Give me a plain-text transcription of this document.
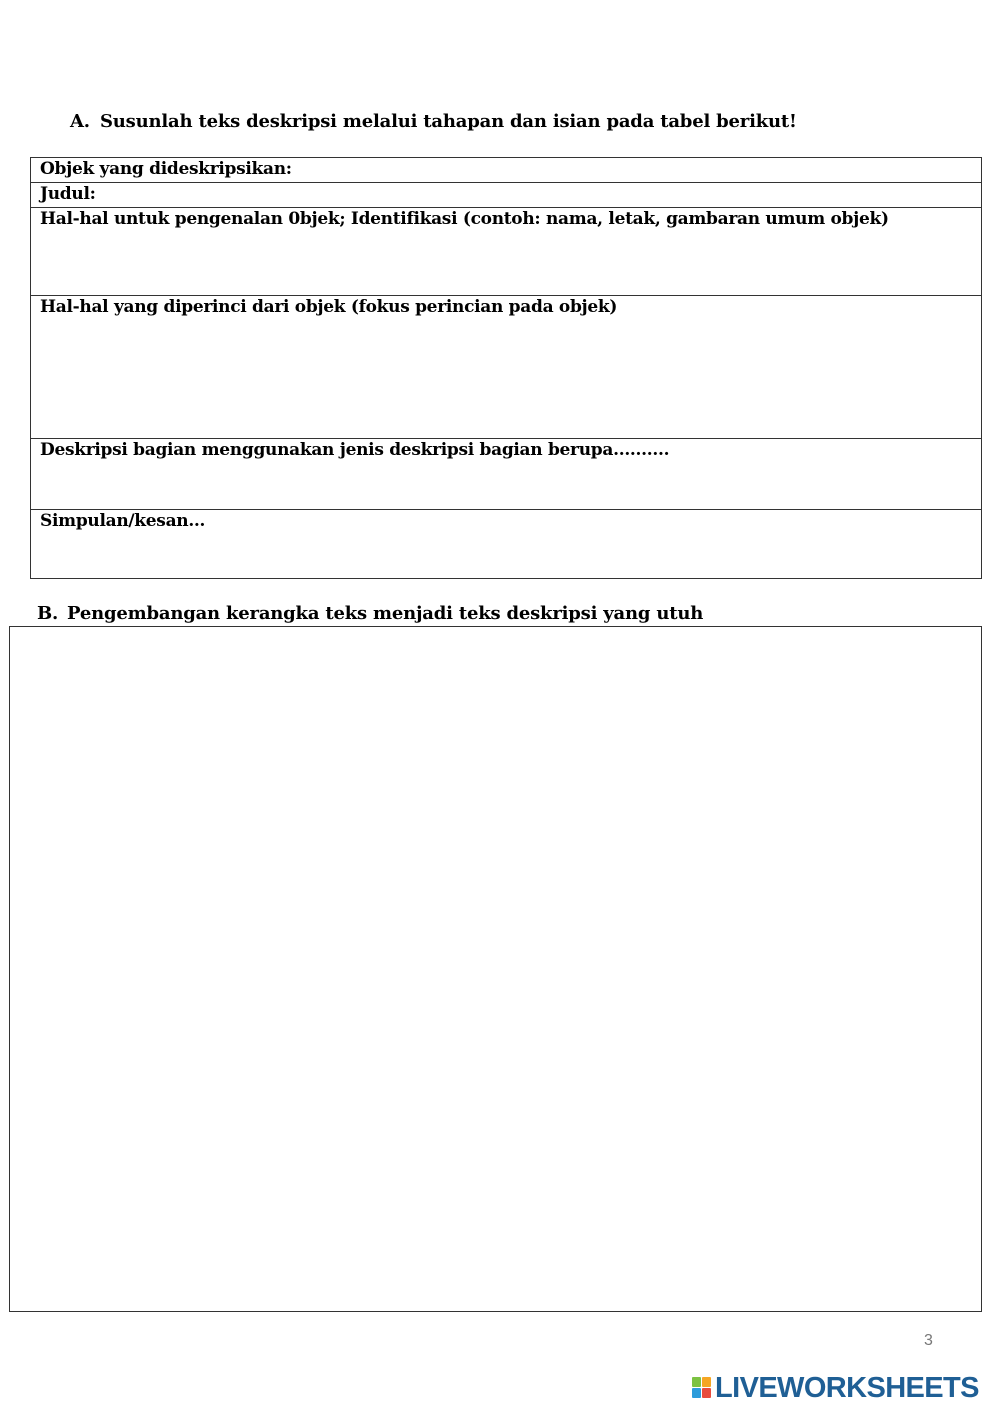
A. Susunlah teks deskripsi melalui tahapan dan isian pada tabel berikut!
Objek yang dideskripsikan:
Judul:
Hal-hal untuk pengenalan 0bjek; Identifikasi (contoh: nama, letak, gambaran umum objek)
Hal-hal yang diperinci dari objek (fokus perincian pada objek)
Deskripsi bagian menggunakan jenis deskripsi bagian berupa..........
Simpulan/kesan…
B. Pengembangan kerangka teks menjadi teks deskripsi yang utuh
3
LIVEWORKSHEETS
